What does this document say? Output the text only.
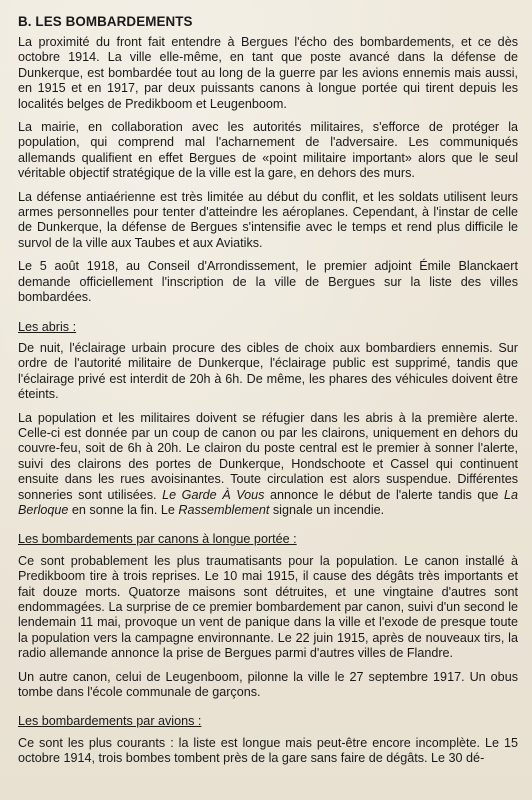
B. LES BOMBARDEMENTS

La proximité du front fait entendre à Bergues l'écho des bombardements, et ce dès octobre 1914. La ville elle-même, en tant que poste avancé dans la défense de Dunkerque, est bombardée tout au long de la guerre par les avions ennemis mais aussi, en 1915 et en 1917, par deux puissants canons à longue portée qui tirent depuis les localités belges de Predikboom et Leugenboom.

La mairie, en collaboration avec les autorités militaires, s'efforce de protéger la population, qui comprend mal l'acharnement de l'adversaire. Les communiqués allemands qualifient en effet Bergues de «point militaire important» alors que le seul véritable objectif stratégique de la ville est la gare, en dehors des murs.

La défense antiaérienne est très limitée au début du conflit, et les soldats utilisent leurs armes personnelles pour tenter d'atteindre les aéroplanes. Cependant, à l'instar de celle de Dunkerque, la défense de Bergues s'intensifie avec le temps et rend plus difficile le survol de la ville aux Taubes et aux Aviatiks.

Le 5 août 1918, au Conseil d'Arrondissement, le premier adjoint Émile Blanckaert demande officiellement l'inscription de la ville de Bergues sur la liste des villes bombardées.

Les abris :

De nuit, l'éclairage urbain procure des cibles de choix aux bombardiers ennemis. Sur ordre de l'autorité militaire de Dunkerque, l'éclairage public est supprimé, tandis que l'éclairage privé est interdit de 20h à 6h. De même, les phares des véhicules doivent être éteints.

La population et les militaires doivent se réfugier dans les abris à la première alerte. Celle-ci est donnée par un coup de canon ou par les clairons, uniquement en dehors du couvre-feu, soit de 6h à 20h. Le clairon du poste central est le premier à sonner l'alerte, suivi des clairons des portes de Dunkerque, Hondschoote et Cassel qui continuent ensuite dans les rues avoisinantes. Toute circulation est alors suspendue. Différentes sonneries sont utilisées. Le Garde À Vous annonce le début de l'alerte tandis que La Berloque en sonne la fin. Le Rassemblement signale un incendie.

Les bombardements par canons à longue portée :

Ce sont probablement les plus traumatisants pour la population. Le canon installé à Predikboom tire à trois reprises. Le 10 mai 1915, il cause des dégâts très importants et fait douze morts. Quatorze maisons sont détruites, et une vingtaine d'autres sont endommagées. La surprise de ce premier bombardement par canon, suivi d'un second le lendemain 11 mai, provoque un vent de panique dans la ville et l'exode de presque toute la population vers la campagne environnante. Le 22 juin 1915, après de nouveaux tirs, la radio allemande annonce la prise de Bergues parmi d'autres villes de Flandre.

Un autre canon, celui de Leugenboom, pilonne la ville le 27 septembre 1917. Un obus tombe dans l'école communale de garçons.

Les bombardements par avions :

Ce sont les plus courants : la liste est longue mais peut-être encore incomplète. Le 15 octobre 1914, trois bombes tombent près de la gare sans faire de dégâts. Le 30 dé-
